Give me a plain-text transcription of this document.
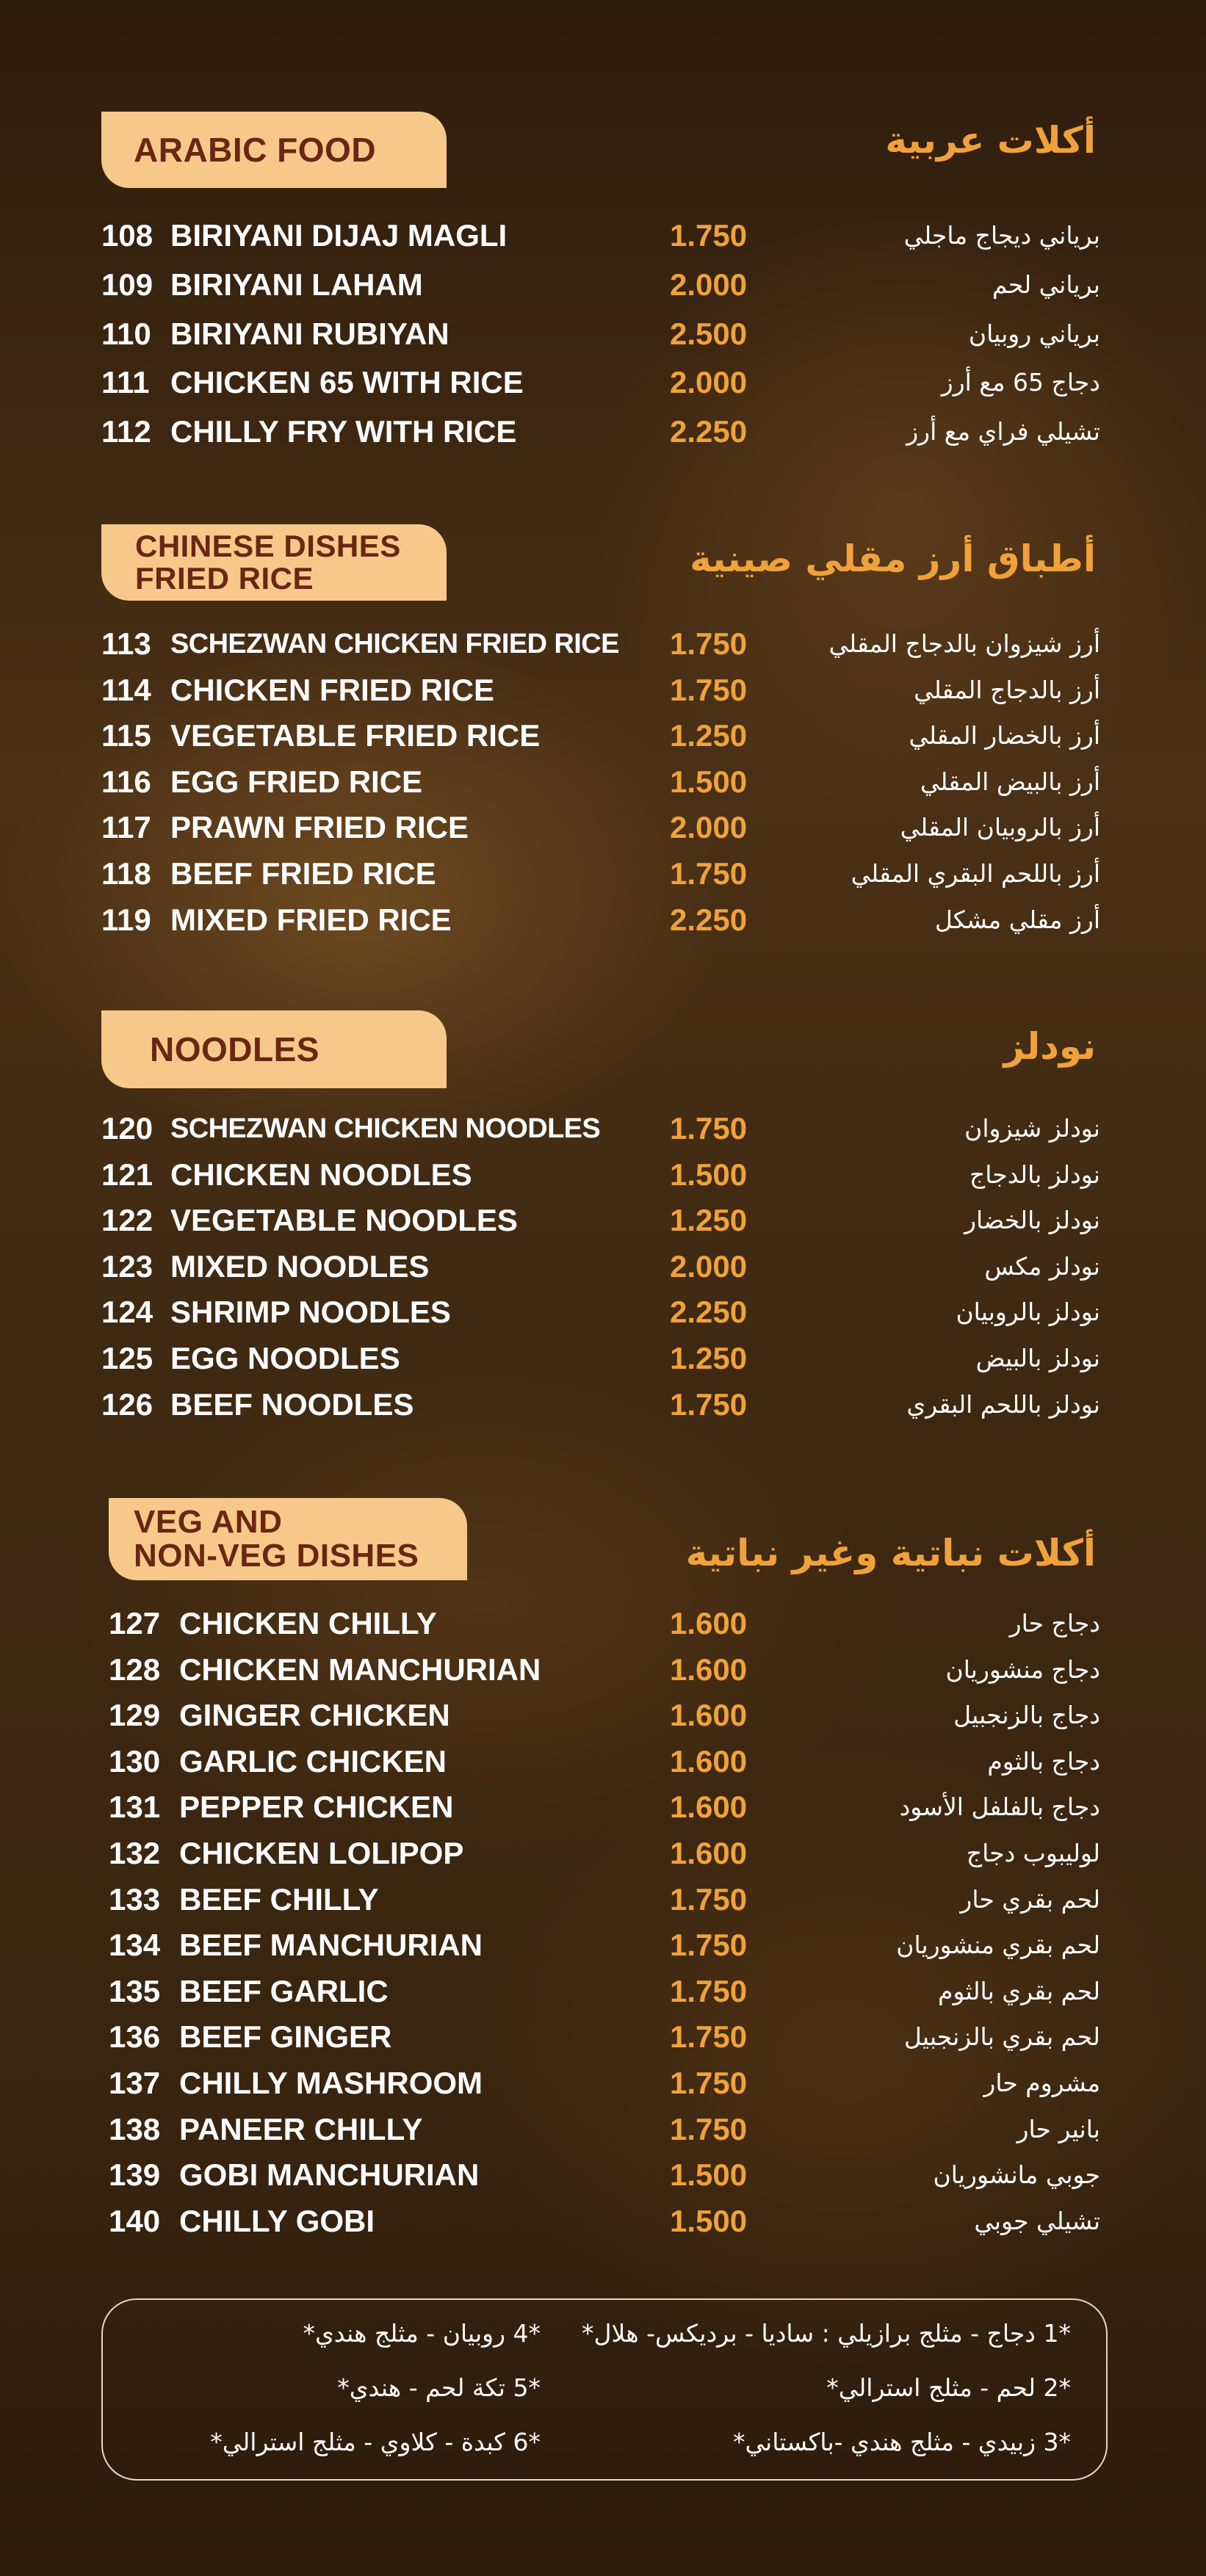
ARABIC FOOD	أكلات عربية
108 BIRIYANI DIJAJ MAGLI	1.750	برياني ديجاج ماجلي
109 BIRIYANI LAHAM	2.000	برياني لحم
110 BIRIYANI RUBIYAN	2.500	برياني روبيان
111 CHICKEN 65 WITH RICE	2.000	دجاج 65 مع أرز
112 CHILLY FRY WITH RICE	2.250	تشيلي فراي مع أرز
CHINESE DISHES
FRIED RICE	أطباق أرز مقلي صينية
113 SCHEZWAN CHICKEN FRIED RICE 1.750	أرز شيزوان بالدجاج المقلي
114 CHICKEN FRIED RICE	1.750	أرز بالدجاج المقلي
115 VEGETABLE FRIED RICE	1.250	أرز بالخضار المقلي
116 EGG FRIED RICE	1.500	أرز بالبيض المقلي
117 PRAWN FRIED RICE	2.000	أرز بالروبيان المقلي
118 BEEF FRIED RICE	1.750	أرز باللحم البقري المقلي
119 MIXED FRIED RICE	2.250	أرز مقلي مشكل
NOODLES	نودلز
120 SCHEZWAN CHICKEN NOODLES 1.750	نودلز شيزوان
121 CHICKEN NOODLES	1.500	نودلز بالدجاج
122 VEGETABLE NOODLES	1.250	نودلز بالخضار
123 MIXED NOODLES	2.000	نودلز مكس
124 SHRIMP NOODLES	2.250	نودلز بالروبيان
125 EGG NOODLES	1.250	نودلز بالبيض
126 BEEF NOODLES	1.750	نودلز باللحم البقري
VEG AND
NON-VEG DISHES	أكلات نباتية وغير نباتية
127 CHICKEN CHILLY	1.600	دجاج حار
128 CHICKEN MANCHURIAN	1.600	دجاج منشوريان
129 GINGER CHICKEN	1.600	دجاج بالزنجبيل
130 GARLIC CHICKEN	1.600	دجاج بالثوم
131 PEPPER CHICKEN	1.600	دجاج بالفلفل الأسود
132 CHICKEN LOLIPOP	1.600	لوليبوب دجاج
133 BEEF CHILLY	1.750	لحم بقري حار
134 BEEF MANCHURIAN	1.750	لحم بقري منشوريان
135 BEEF GARLIC	1.750	لحم بقري بالثوم
136 BEEF GINGER	1.750	لحم بقري بالزنجبيل
137 CHILLY MASHROOM	1.750	مشروم حار
138 PANEER CHILLY	1.750	بانير حار
139 GOBI MANCHURIAN	1.500	جوبي مانشوريان
140 CHILLY GOBI	1.500	تشيلي جوبي
*1 دجاج - مثلج برازيلي : ساديا - برديكس- هلال*
*2 لحم - مثلج استرالي*
*3 زبيدي - مثلج هندي -باكستاني*
*4 روبيان - مثلج هندي*
*5 تكة لحم - هندي*
*6 كبدة - كلاوي - مثلج استرالي*
